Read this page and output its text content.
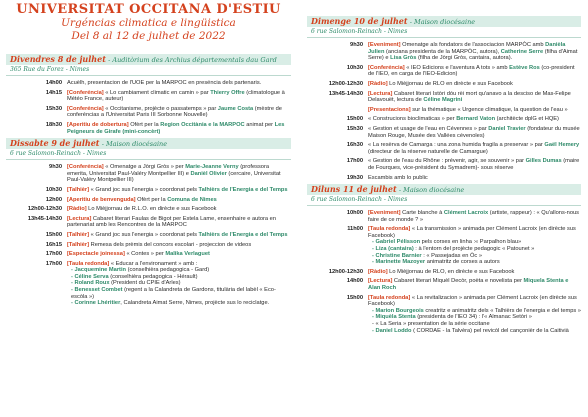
UNIVERSITAT OCCITANA D'ESTIU
Urgéncias climatica e lingüistica
Del 8 al 12 de julhet de 2022
Divendres 8 de julhet - Auditòrium des Archius départementals dau Gard
365 Rue du Forez - Nimes
14h00 Acuèlh, presentacion de l'UOE per la MARPOC en preséncia dels partenaris.
14h15 [Conferéncia] « Lo cambiament climatic en camin » par Thierry Offre (climatologue à Météo France, auteur)
15h30 [Conferéncia] « Occitanisme, projècte o passatemps » par Jaume Costa (mèstre de conferéncias a l'Universitat Paris III Sorbonne Nouvelle)
18h30 [Aperitiu de dobertura] Ofèrt per la Region Occitània e la MARPOC animat per Les Peigneurs de Girafe (mini-concèrt)
Dissabte 9 de julhet - Maison diocésaine
6 rue Salomon-Reinach - Nimes
9h30 [Conferéncia] « Omenatge a Jòrgi Gròs » per Marie-Jeanne Verny (professora emerita, Universitat Paul-Valéry Montpellier III) e Danièl Olivier (cercaire, Universitat Paul-Valéry Montpellier III)
10h30 [Talhièr] « Grand joc sus l'energia » coordonat pels Talhièrs de l'Energia e del Temps
12h00 [Aperitiu de benvenguda] Ofèrt per la Comuna de Nimes
12h00-12h30 [Ràdio] Lo Mièjjornau de R.L.O. en dirècte e sus Facebook
13h45-14h30 [Lectura] Cabaret literari Faulas de Bigot per Estela Lame, ensenhaire e autora en partenariat amb les Rencontres de la MARPOC
15h00 [Talhièr] « Grand joc sus l'energia » coordonat pels Talhièrs de l'Energia e del Temps
16h15 [Talhièr] Remesa dels prèmis del concors escolari - projeccion de videos
17h00 [Espectacle joinessa] « Contes » per Malika Verlaguet
17h00 [Taula redonda] « Educar a l'environament » amb :
- Jacquemine Martin (conselhièra pedagogica - Gard)
- Céline Serva (conselhièra pedagogica - Hérault)
- Roland Roux (President du CPIE d'Arles)
- Benesset Combet (regent a la Calandreta de Gardons, titulària del labèl « Eco-escòla »)
- Corinne Lhéritier, Calandreta Aimat Serre, Nimes, projècte sus lo reciclatge.
Dimenge 10 de julhet - Maison diocésaine
6 rue Salomon-Reinach - Nimes
9h30 [Eveniment] Omenatge als fondators de l'associacion MARPÒC amb Danièla Julien (anciana presidenta de la MARPÒC, autora), Catherine Serre (filha d'Aimat Serre) e Lisa Gròs (filha de Jòrgi Gròs, cantaira, autora).
10h30 [Conferéncia] « IEO Edicions e l'aventura A tots » amb Estève Ros (co-president de l'IEO, en carga de l'IEO-Edicion)
12h00-12h30 [Ràdio] Lo Mièjjornau de RLO en dirècte e sus Facebook
13h45-14h30 [Lectura] Cabaret literari Istòri dóu rèi mort qu'anavo a la desciso de Mas-Felipe Delavouët, lectura de Céline Magrini
[Presentacions] sur la thématique « Urgence climatique, la question de l'eau »
15h00 « Construcions bioclimaticas » per Bernard Vaton (architècte dplG et HQE)
15h30 « Gestion et usage de l'eau en Cévennes » par Daniel Travier (fondateur du musée Maison Rouge, Musée des Vallées cévenoles)
16h30 « La resèrva de Camarga : una zona humida fragila a preservar » par Gaël Hemery (directeur de la réserve naturelle de Camargue)
17h00 « Gestion de l'eau du Rhône : prévenir, agir, se souvenir » par Gilles Dumas (maire de Fourques, vice-président du Symadrem)- sous réserve
19h30 Escambis amb lo public
Diluns 11 de julhet - Maison diocésaine
6 rue Salomon-Reinach - Nimes
10h00 [Eveniment] Carte blanche à Clément Lacroix (artiste, rappeur) : « Qu'allons-nous faire de ce monde ? »
11h00 [Taula redonda] « La transmission » animada per Clément Lacroix (en dirècte sus Facebook)
- Gabriel Pélisson pels corses en linha :« Parpalhon blau»
- Liza (cantaira) : à l'entorn del projècte pedagogic « Patounet »
- Christine Barnier : « Passejadas en Òc »
- Marinette Mazoyer animatritz de corses a autors
12h00-12h30 [Ràdio] Lo Mièjjornau de RLO, en dirècte e sus Facebook
14h00 [Lectura] Cabaret literari Miquèl Decòr, poèta e novelista per Miquela Stenta e Alan Roch
15h00 [Taula redonda] « La revitalizacion » animada per Clément Lacroix (en dirècte sus Facebook)
- Marion Bourgeois creatritz e animatritz dels « Talhièrs de l'energia e del temps »
- Miquèla Stenta (presidenta de l'IEO 34) : l'« Almanac Setòri »
- « La Seria » presentation de la série occitane
- Daniel Loddo ( CORDAE - la Talvèra) pel revicòl del cançonièr de la Caitivià
